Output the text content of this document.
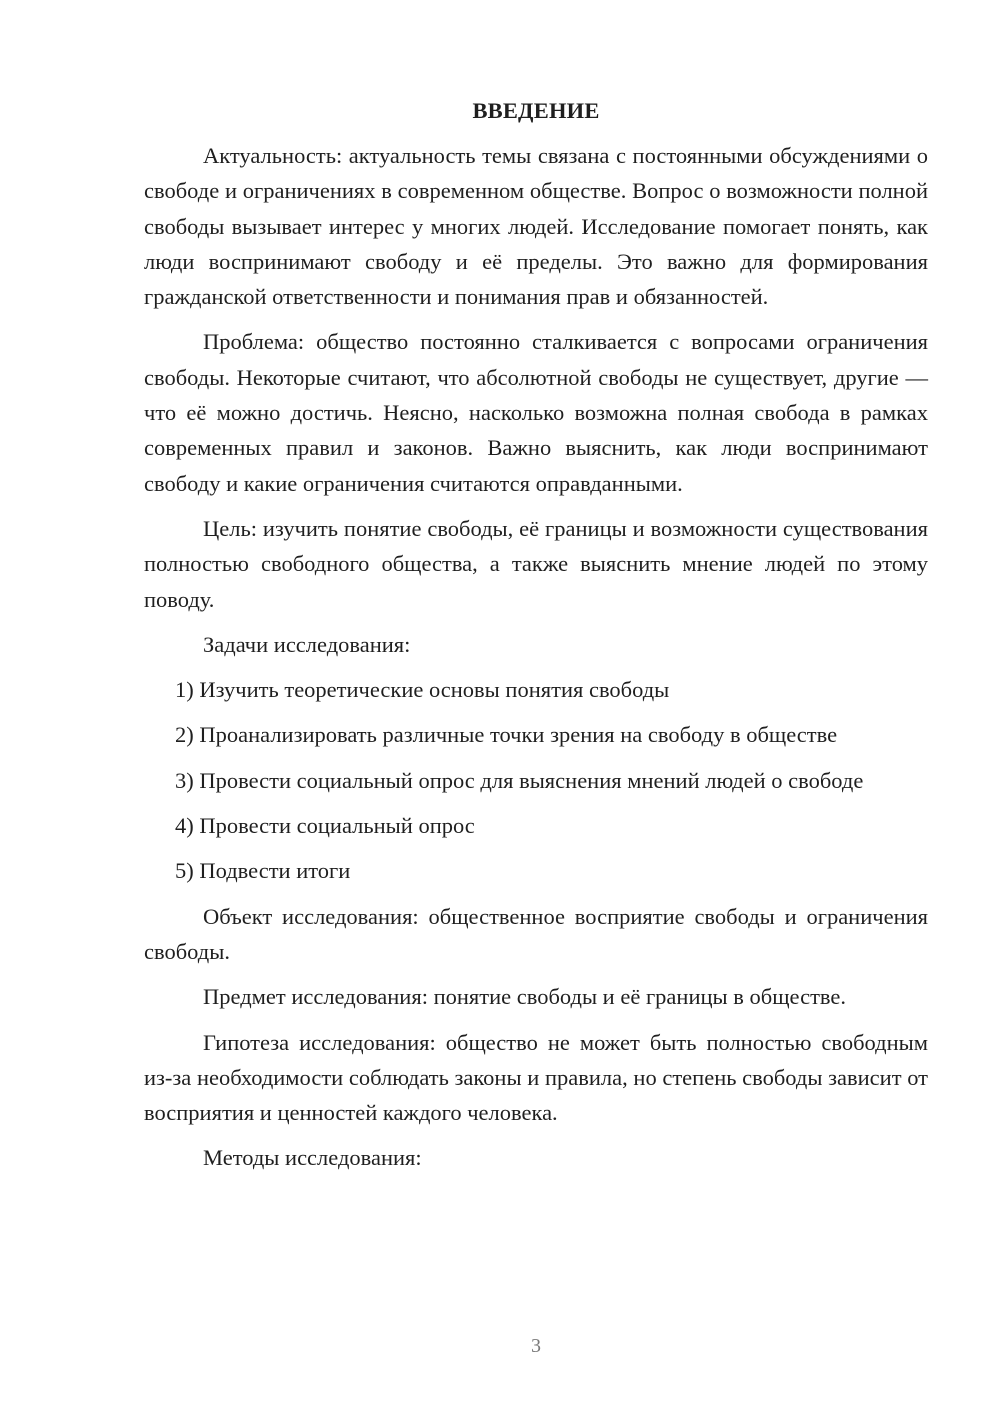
ВВЕДЕНИЕ

Актуальность: актуальность темы связана с постоянными обсуждениями о свободе и ограничениях в современном обществе. Вопрос о возможности полной свободы вызывает интерес у многих людей. Исследование помогает понять, как люди воспринимают свободу и её пределы. Это важно для формирования гражданской ответственности и понимания прав и обязанностей.

Проблема: общество постоянно сталкивается с вопросами ограничения свободы. Некоторые считают, что абсолютной свободы не существует, другие — что её можно достичь. Неясно, насколько возможна полная свобода в рамках современных правил и законов. Важно выяснить, как люди воспринимают свободу и какие ограничения считаются оправданными.

Цель: изучить понятие свободы, её границы и возможности существования полностью свободного общества, а также выяснить мнение людей по этому поводу.

Задачи исследования:

1) Изучить теоретические основы понятия свободы

2) Проанализировать различные точки зрения на свободу в обществе

3) Провести социальный опрос для выяснения мнений людей о свободе

4) Провести социальный опрос

5) Подвести итоги

Объект исследования: общественное восприятие свободы и ограничения свободы.

Предмет исследования: понятие свободы и её границы в обществе.

Гипотеза исследования: общество не может быть полностью свободным из-за необходимости соблюдать законы и правила, но степень свободы зависит от восприятия и ценностей каждого человека.

Методы исследования:

3
